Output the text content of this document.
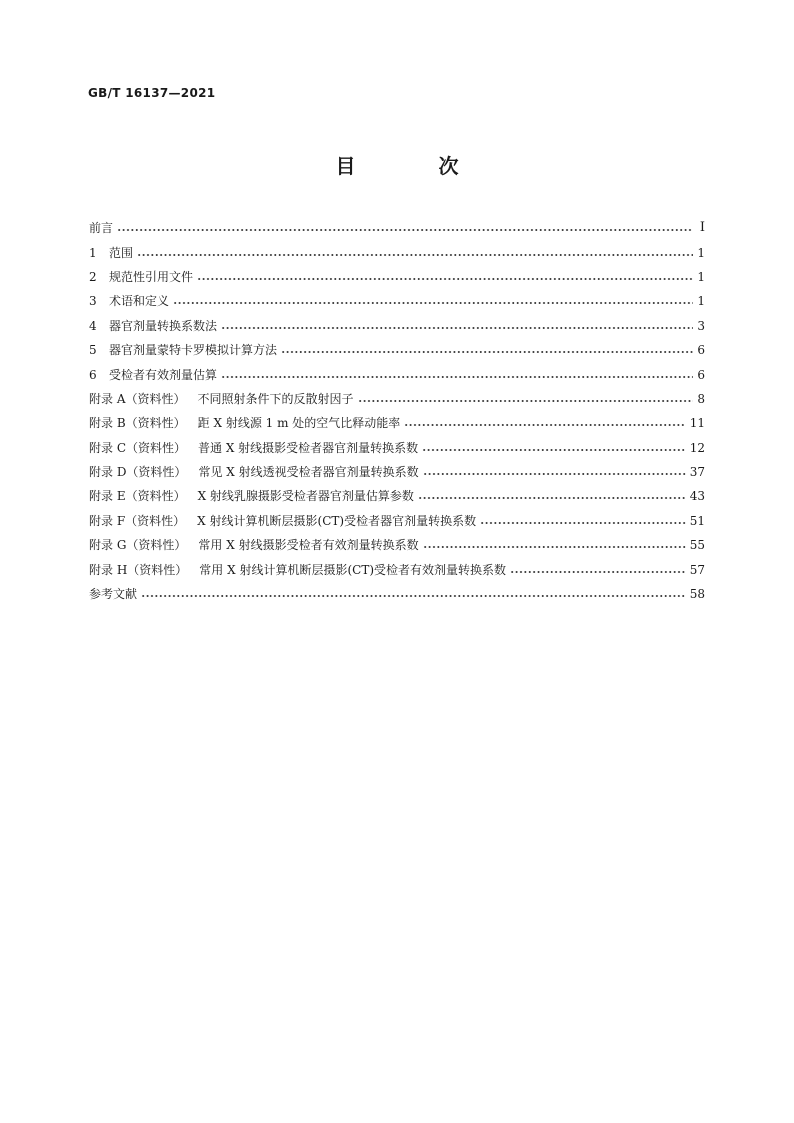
GB/T 16137—2021
目 次
前言	I
1 范围	1
2 规范性引用文件	1
3 术语和定义	1
4 器官剂量转换系数法	3
5 器官剂量蒙特卡罗模拟计算方法	6
6 受检者有效剂量估算	6
附录 A（资料性） 不同照射条件下的反散射因子	8
附录 B（资料性） 距 X 射线源 1 m 处的空气比释动能率	11
附录 C（资料性） 普通 X 射线摄影受检者器官剂量转换系数	12
附录 D（资料性） 常见 X 射线透视受检者器官剂量转换系数	37
附录 E（资料性） X 射线乳腺摄影受检者器官剂量估算参数	43
附录 F（资料性） X 射线计算机断层摄影(CT)受检者器官剂量转换系数	51
附录 G（资料性） 常用 X 射线摄影受检者有效剂量转换系数	55
附录 H（资料性） 常用 X 射线计算机断层摄影(CT)受检者有效剂量转换系数	57
参考文献	58
